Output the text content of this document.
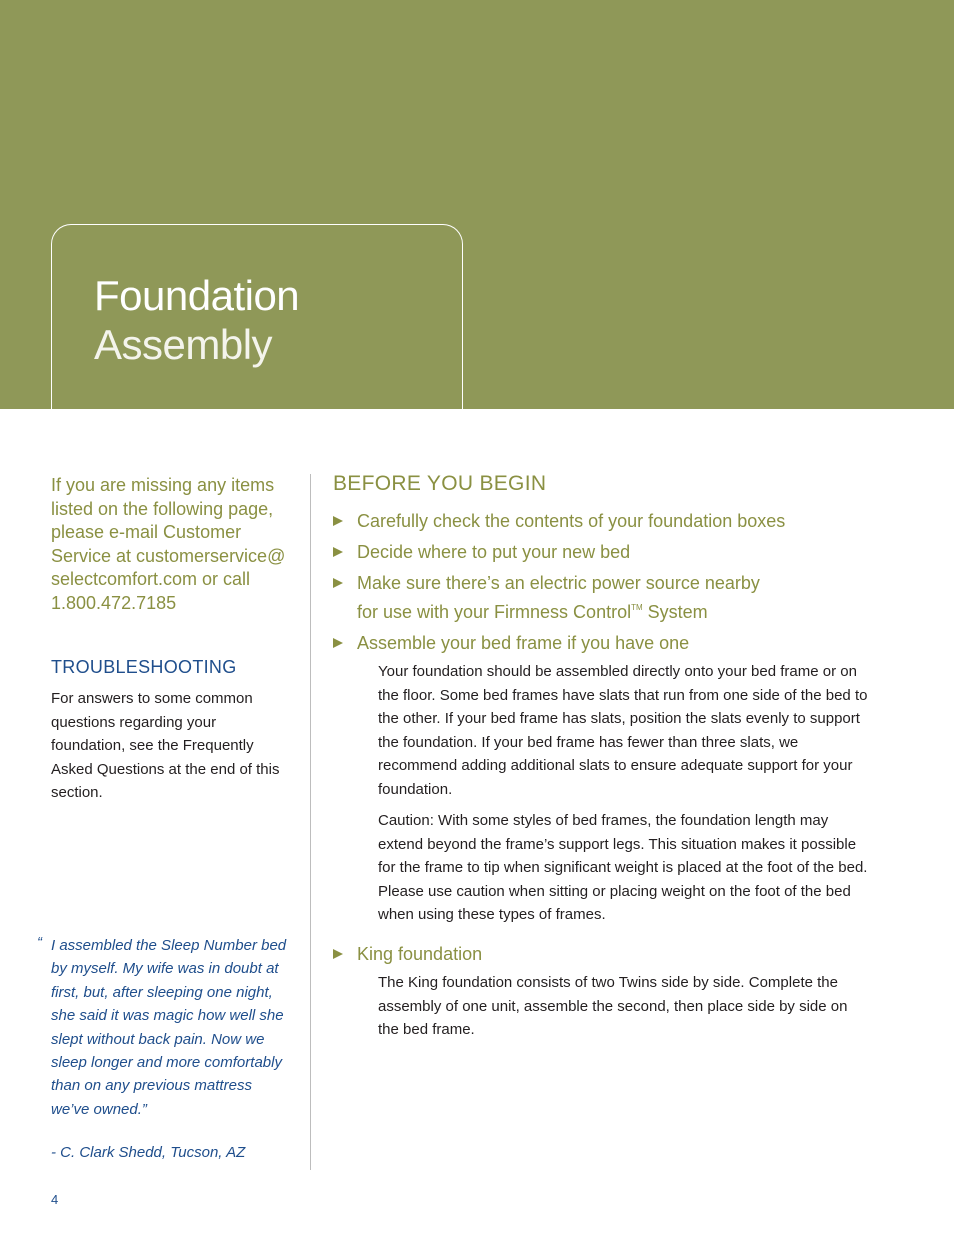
Foundation
Assembly

If you are missing any items listed on the following page, please e-mail Customer Service at customerservice@ selectcomfort.com or call 1.800.472.7185

TROUBLESHOOTING

For answers to some common questions regarding your foundation, see the Frequently Asked Questions at the end of this section.

“ I assembled the Sleep Number bed by myself. My wife was in doubt at first, but, after sleeping one night, she said it was magic how well she slept without back pain. Now we sleep longer and more comfortably than on any previous mattress we’ve owned.”

- C. Clark Shedd, Tucson, AZ

BEFORE YOU BEGIN
Carefully check the contents of your foundation boxes
Decide where to put your new bed
Make sure there’s an electric power source nearby
for use with your Firmness Control™ System
Assemble your bed frame if you have one

Your foundation should be assembled directly onto your bed frame or on the floor. Some bed frames have slats that run from one side of the bed to the other. If your bed frame has slats, position the slats evenly to support the foundation. If your bed frame has fewer than three slats, we recommend adding additional slats to ensure adequate support for your foundation.

Caution: With some styles of bed frames, the foundation length may extend beyond the frame’s support legs. This situation makes it possible for the frame to tip when significant weight is placed at the foot of the bed. Please use caution when sitting or placing weight on the foot of the bed when using these types of frames.

King foundation

The King foundation consists of two Twins side by side. Complete the assembly of one unit, assemble the second, then place side by side on the bed frame.

4
